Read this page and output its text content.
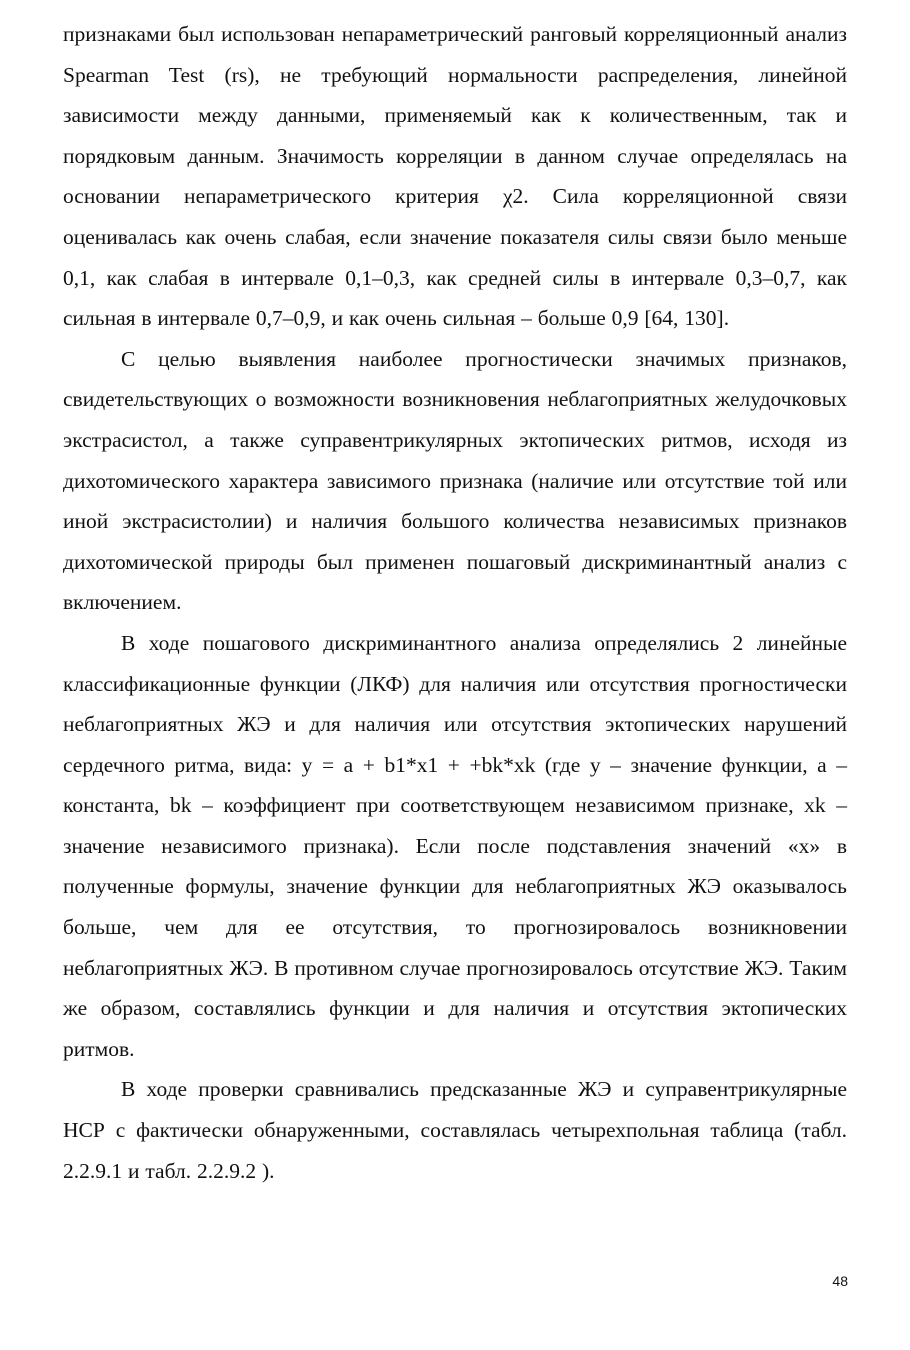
признаками был использован непараметрический ранговый корреляционный анализ Spearman Test (rs), не требующий нормальности распределения, линейной зависимости между данными, применяемый как к количественным, так и порядковым данным. Значимость корреляции в данном случае определялась на основании непараметрического критерия χ2. Сила корреляционной связи оценивалась как очень слабая, если значение показателя силы связи было меньше 0,1, как слабая в интервале 0,1–0,3, как средней силы в интервале 0,3–0,7, как сильная в интервале 0,7–0,9, и как очень сильная – больше 0,9 [64, 130].

С целью выявления наиболее прогностически значимых признаков, свидетельствующих о возможности возникновения неблагоприятных желудочковых экстрасистол, а также суправентрикулярных эктопических ритмов, исходя из дихотомического характера зависимого признака (наличие или отсутствие той или иной экстрасистолии) и наличия большого количества независимых признаков дихотомической природы был применен пошаговый дискриминантный анализ с включением.

В ходе пошагового дискриминантного анализа определялись 2 линейные классификационные функции (ЛКФ) для наличия или отсутствия прогностически неблагоприятных ЖЭ и для наличия или отсутствия эктопических нарушений сердечного ритма, вида: y = a + b1*x1 + +bk*xk (где y – значение функции, a – константа, bk – коэффициент при соответствующем независимом признаке, xk – значение независимого признака). Если после подставления значений «x» в полученные формулы, значение функции для неблагоприятных ЖЭ оказывалось больше, чем для ее отсутствия, то прогнозировалось возникновении неблагоприятных ЖЭ. В противном случае прогнозировалось отсутствие ЖЭ. Таким же образом, составлялись функции и для наличия и отсутствия эктопических ритмов.

В ходе проверки сравнивались предсказанные ЖЭ и суправентрикулярные НСР с фактически обнаруженными, составлялась четырехпольная таблица (табл. 2.2.9.1 и табл. 2.2.9.2 ).

48
